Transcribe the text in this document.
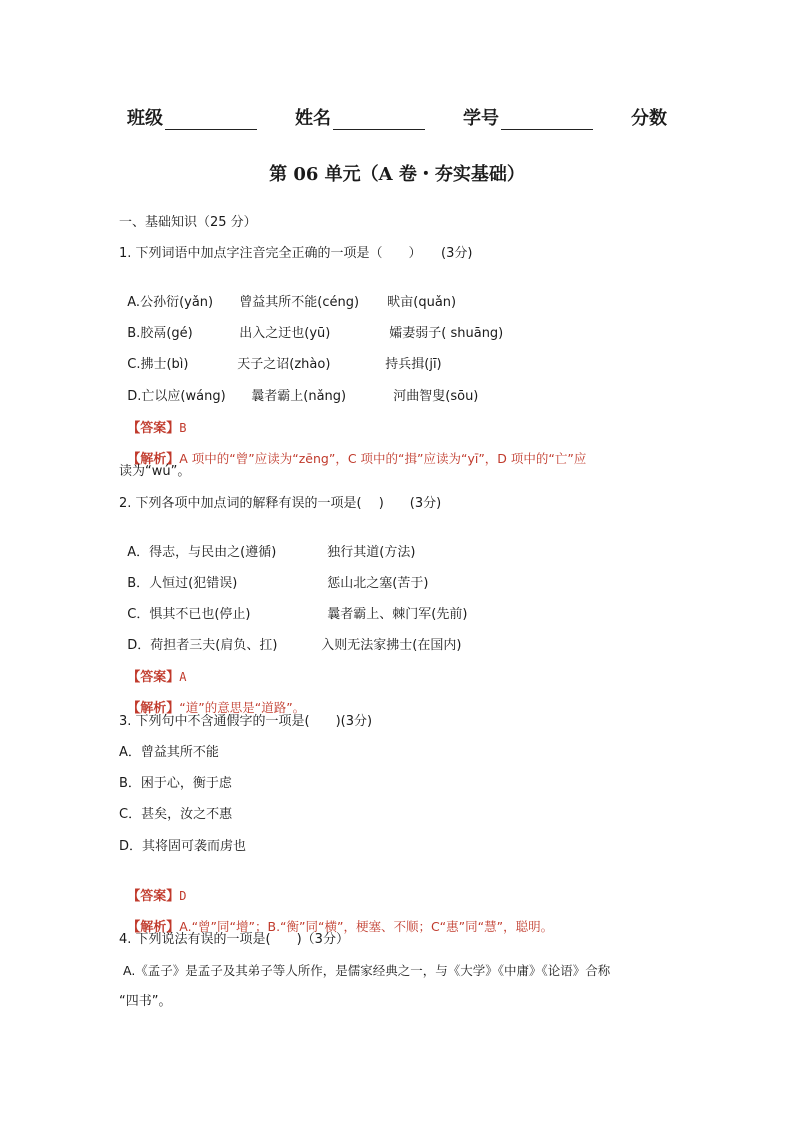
班级	姓名	学号	分数
第 06 单元（A 卷・夯实基础）
一、基础知识（25 分）
1. 下列词语中加点字注音完全正确的一项是（　　）　　(3分)

A.公孙衍(yǎn) 曾益其所不能(céng) 畎亩(quǎn)

B.胶鬲(gé)	出入之迂也(yū)	孀妻弱子( shuāng)

C.拂士(bì)	天子之诏(zhào)	持兵揖(jī)

D.亡以应(wáng) 曩者霸上(nǎng)	河曲智叟(sōu)

【答案】B

【解析】A 项中的“曾”应读为“zēng”，C 项中的“揖”应读为“yī”，D 项中的“亡”应

读为“wú”。
2. 下列各项中加点词的解释有误的一项是(　 )　　(3分)

A．得志，与民由之(遵循)	独行其道(方法)

B．人恒过(犯错误)	惩山北之塞(苦于)

C．惧其不已也(停止)	曩者霸上、棘门军(先前)

D．荷担者三夫(肩负、扛)	入则无法家拂士(在国内)

【答案】A

【解析】“道”的意思是“道路”。

3. 下列句中不含通假字的一项是(　　)(3分)
A．曾益其所不能
B．困于心，衡于虑
C．甚矣，汝之不惠
D．其将固可袭而虏也

【答案】D

【解析】A.“曾”同“增”；B.“衡”同“横”，梗塞、不顺；C“惠”同“慧”，聪明。

4. 下列说法有误的一项是(　　)（3分）
A.《孟子》是孟子及其弟子等人所作，是儒家经典之一，与《大学》《中庸》《论语》合称
“四书”。
